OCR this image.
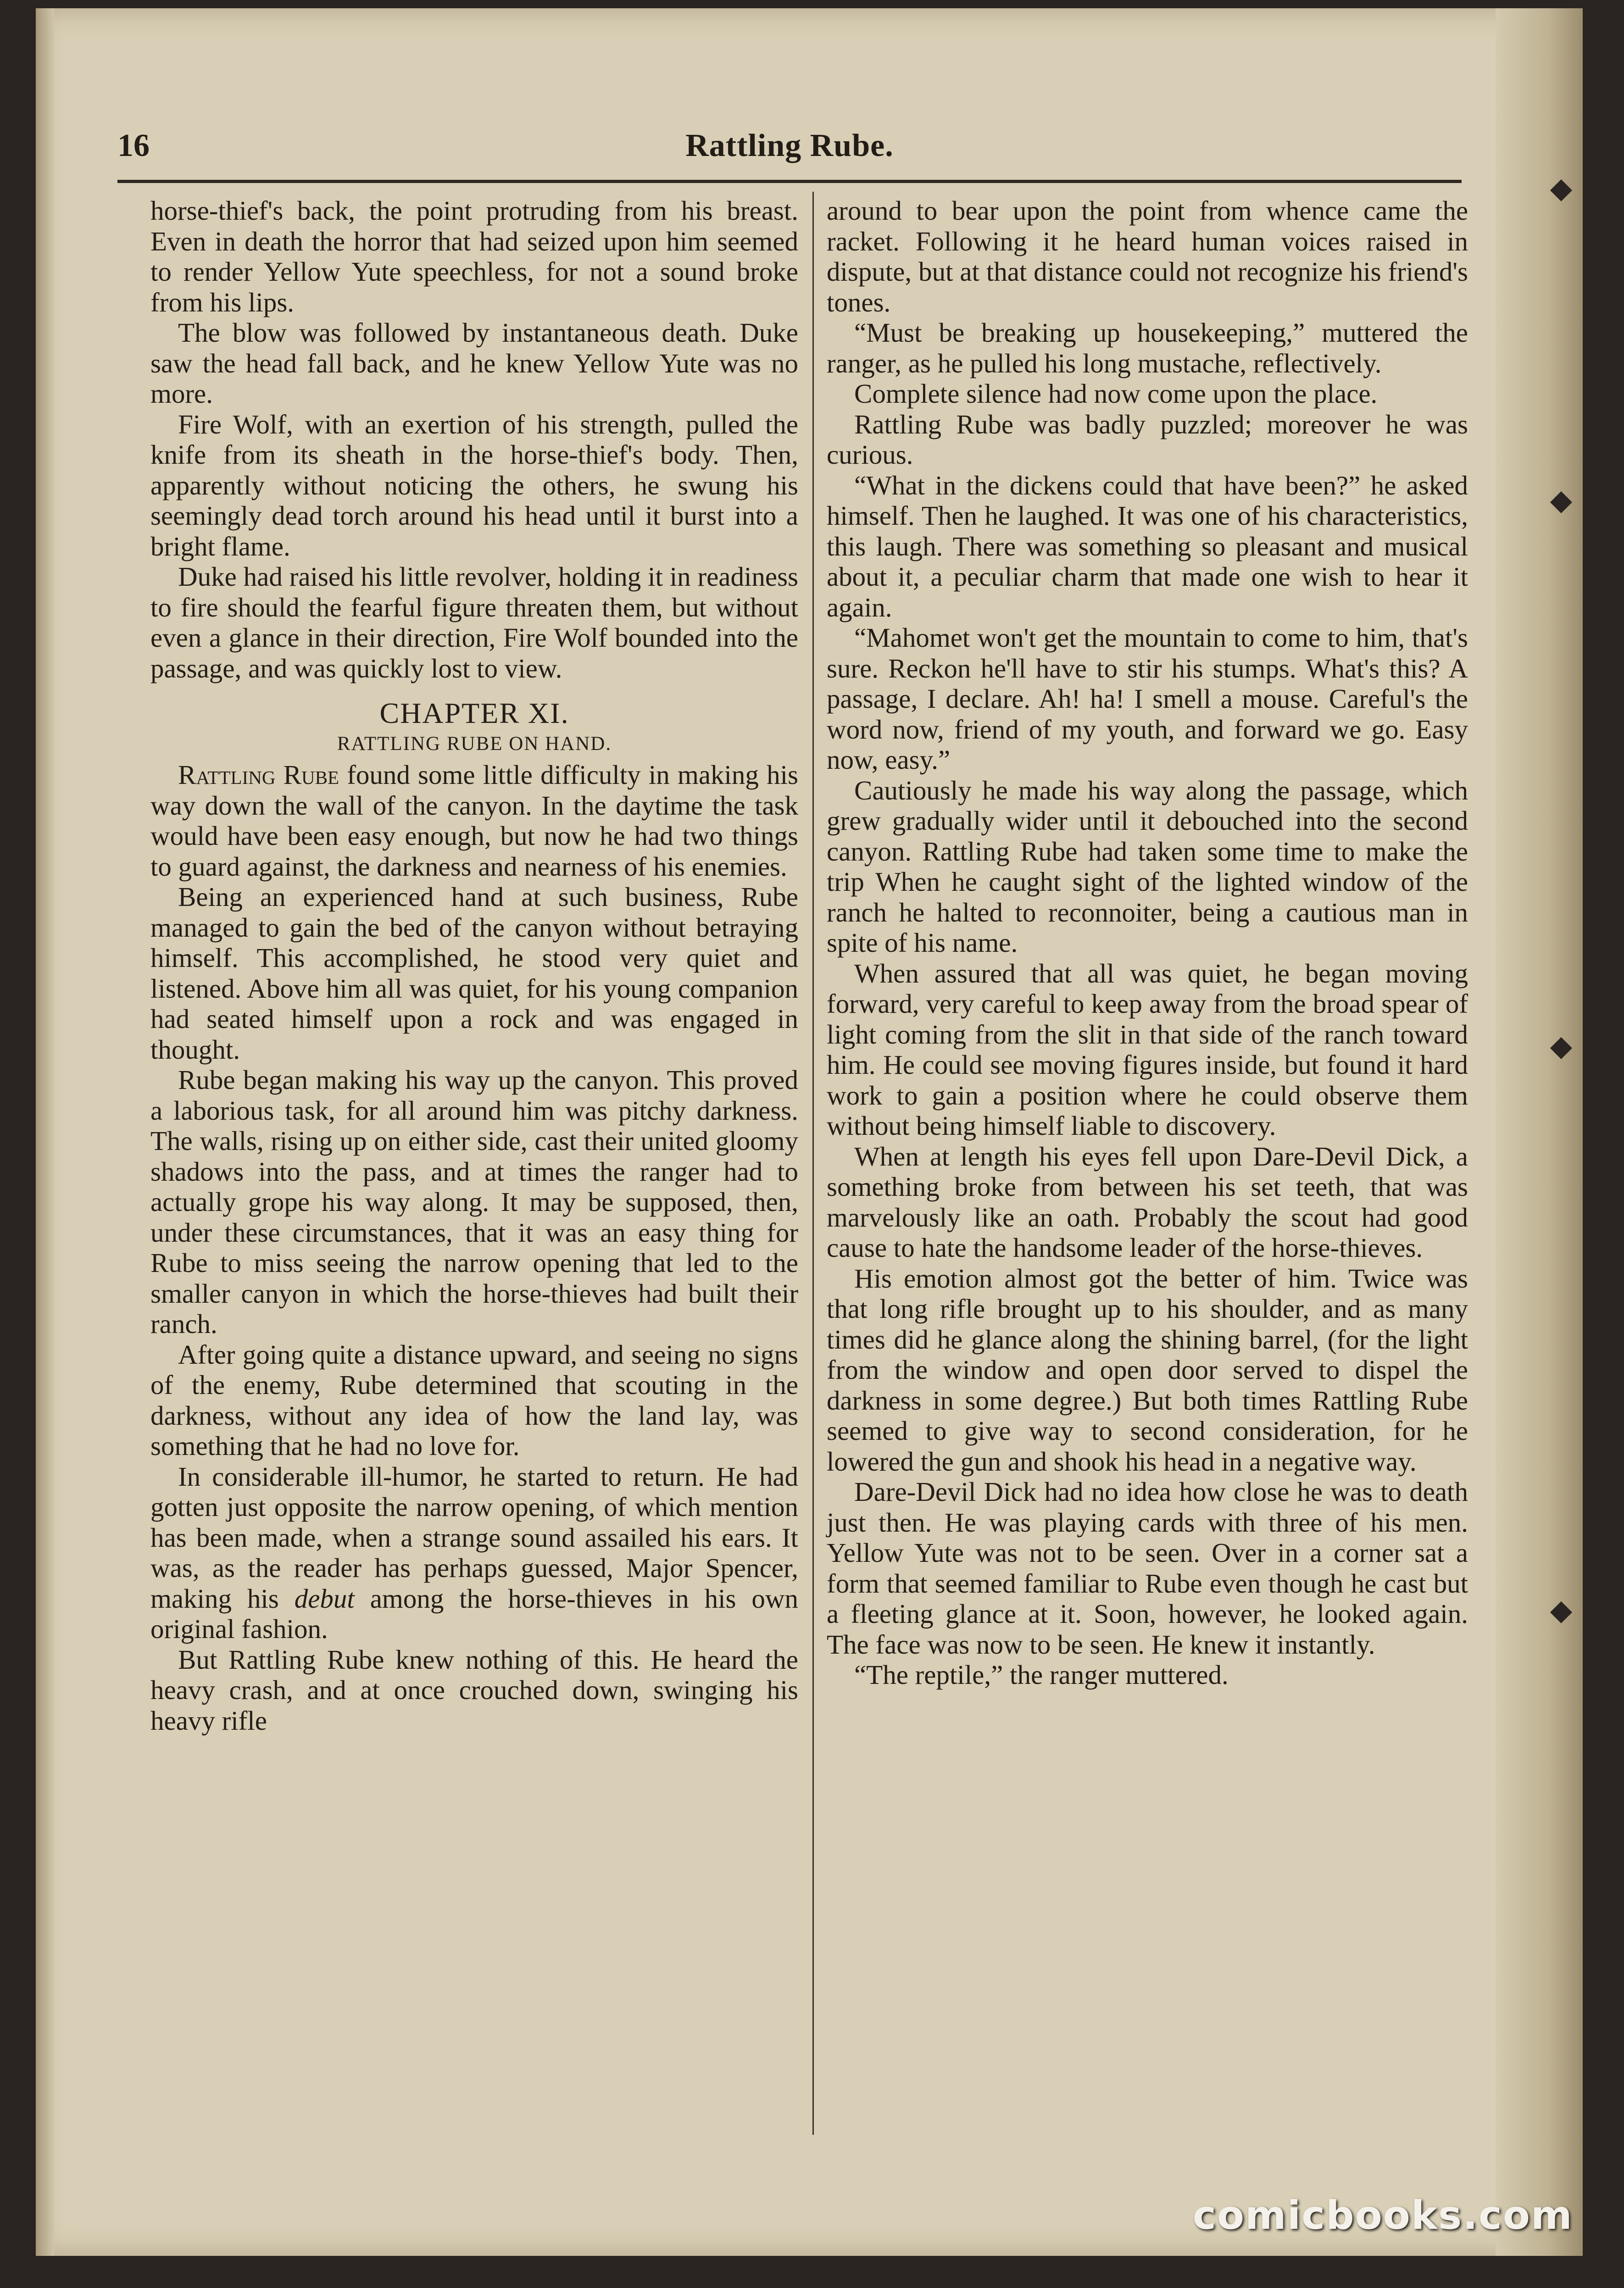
16	Rattling Rube.

horse-thief's back, the point protruding from his breast. Even in death the horror that had seized upon him seemed to render Yellow Yute speechless, for not a sound broke from his lips.

The blow was followed by instantaneous death. Duke saw the head fall back, and he knew Yellow Yute was no more.

Fire Wolf, with an exertion of his strength, pulled the knife from its sheath in the horse-thief's body. Then, apparently without noticing the others, he swung his seemingly dead torch around his head until it burst into a bright flame.

Duke had raised his little revolver, holding it in readiness to fire should the fearful figure threaten them, but without even a glance in their direction, Fire Wolf bounded into the passage, and was quickly lost to view.

CHAPTER XI.
RATTLING RUBE ON HAND.

Rattling Rube found some little difficulty in making his way down the wall of the canyon. In the daytime the task would have been easy enough, but now he had two things to guard against, the darkness and nearness of his enemies.

Being an experienced hand at such business, Rube managed to gain the bed of the canyon without betraying himself. This accomplished, he stood very quiet and listened. Above him all was quiet, for his young companion had seated himself upon a rock and was engaged in thought.

Rube began making his way up the canyon. This proved a laborious task, for all around him was pitchy darkness. The walls, rising up on either side, cast their united gloomy shadows into the pass, and at times the ranger had to actually grope his way along. It may be supposed, then, under these circumstances, that it was an easy thing for Rube to miss seeing the narrow opening that led to the smaller canyon in which the horse-thieves had built their ranch.

After going quite a distance upward, and seeing no signs of the enemy, Rube determined that scouting in the darkness, without any idea of how the land lay, was something that he had no love for.

In considerable ill-humor, he started to return. He had gotten just opposite the narrow opening, of which mention has been made, when a strange sound assailed his ears. It was, as the reader has perhaps guessed, Major Spencer, making his debut among the horse-thieves in his own original fashion.

But Rattling Rube knew nothing of this. He heard the heavy crash, and at once crouched down, swinging his heavy rifle

around to bear upon the point from whence came the racket. Following it he heard human voices raised in dispute, but at that distance could not recognize his friend's tones.

“Must be breaking up housekeeping,” muttered the ranger, as he pulled his long mustache, reflectively.

Complete silence had now come upon the place.

Rattling Rube was badly puzzled; moreover he was curious.

“What in the dickens could that have been?” he asked himself. Then he laughed. It was one of his characteristics, this laugh. There was something so pleasant and musical about it, a peculiar charm that made one wish to hear it again.

“Mahomet won't get the mountain to come to him, that's sure. Reckon he'll have to stir his stumps. What's this? A passage, I declare. Ah! ha! I smell a mouse. Careful's the word now, friend of my youth, and forward we go. Easy now, easy.”

Cautiously he made his way along the passage, which grew gradually wider until it debouched into the second canyon. Rattling Rube had taken some time to make the trip When he caught sight of the lighted window of the ranch he halted to reconnoiter, being a cautious man in spite of his name.

When assured that all was quiet, he began moving forward, very careful to keep away from the broad spear of light coming from the slit in that side of the ranch toward him. He could see moving figures inside, but found it hard work to gain a position where he could observe them without being himself liable to discovery.

When at length his eyes fell upon Dare-Devil Dick, a something broke from between his set teeth, that was marvelously like an oath. Probably the scout had good cause to hate the handsome leader of the horse-thieves.

His emotion almost got the better of him. Twice was that long rifle brought up to his shoulder, and as many times did he glance along the shining barrel, (for the light from the window and open door served to dispel the darkness in some degree.) But both times Rattling Rube seemed to give way to second consideration, for he lowered the gun and shook his head in a negative way.

Dare-Devil Dick had no idea how close he was to death just then. He was playing cards with three of his men. Yellow Yute was not to be seen. Over in a corner sat a form that seemed familiar to Rube even though he cast but a fleeting glance at it. Soon, however, he looked again. The face was now to be seen. He knew it instantly.

“The reptile,” the ranger muttered.

comicbooks.com
